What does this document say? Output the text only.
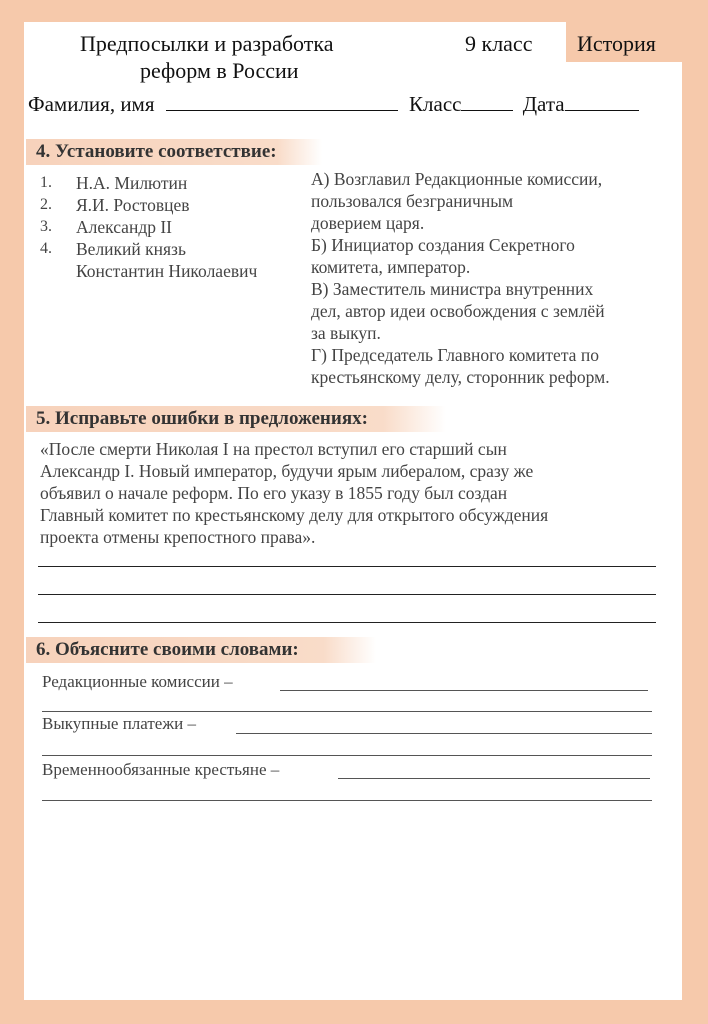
Предпосылки и разработка
реформ в России
9 класс История
Фамилия, имя	Класс	Дата
4. Установите соответствие:
1.	Н.А. Милютин
2.	Я.И. Ростовцев
3.	Александр II
4.	Великий князь
Константин Николаевич
А) Возглавил Редакционные комиссии,
пользовался безграничным
доверием царя.
Б) Инициатор создания Секретного
комитета, император.
В) Заместитель министра внутренних
дел, автор идеи освобождения с землёй
за выкуп.
Г) Председатель Главного комитета по
крестьянскому делу, сторонник реформ.
5. Исправьте ошибки в предложениях:
«После смерти Николая I на престол вступил его старший сын
Александр I. Новый император, будучи ярым либералом, сразу же
объявил о начале реформ. По его указу в 1855 году был создан
Главный комитет по крестьянскому делу для открытого обсуждения
проекта отмены крепостного права».
6. Объясните своими словами:
Редакционные комиссии –
Выкупные платежи –
Временнообязанные крестьяне –
